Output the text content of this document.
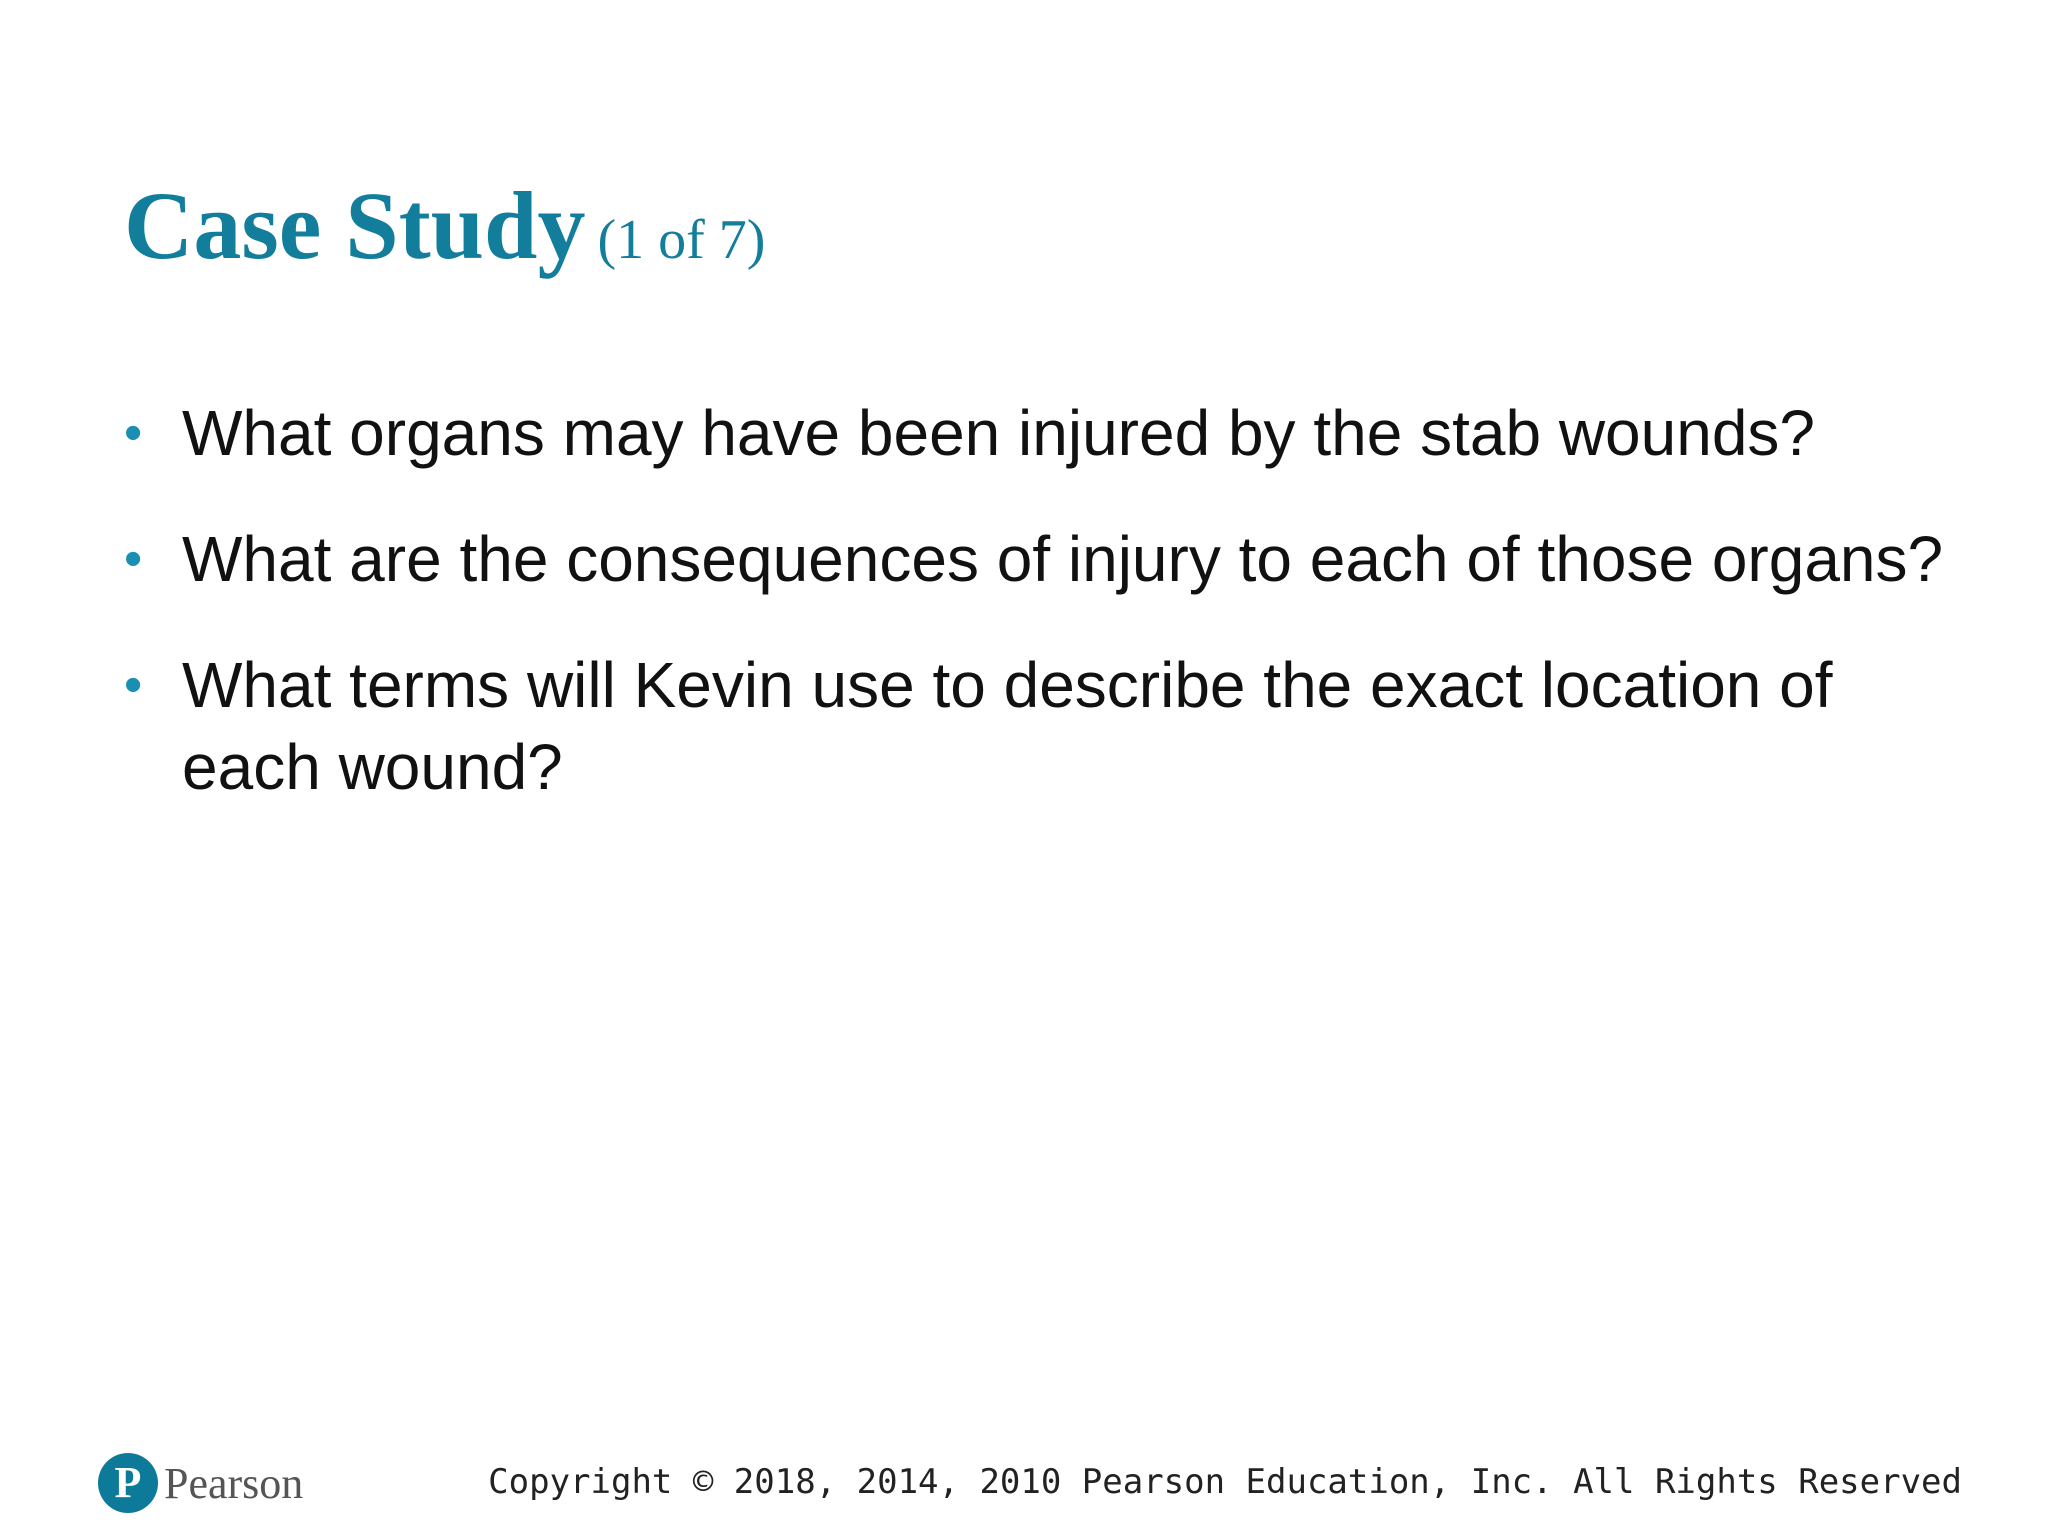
Case Study (1 of 7)
• What organs may have been injured by the stab wounds?
• What are the consequences of injury to each of those organs?
• What terms will Kevin use to describe the exact location of each wound?
P Pearson	Copyright © 2018, 2014, 2010 Pearson Education, Inc. All Rights Reserved
